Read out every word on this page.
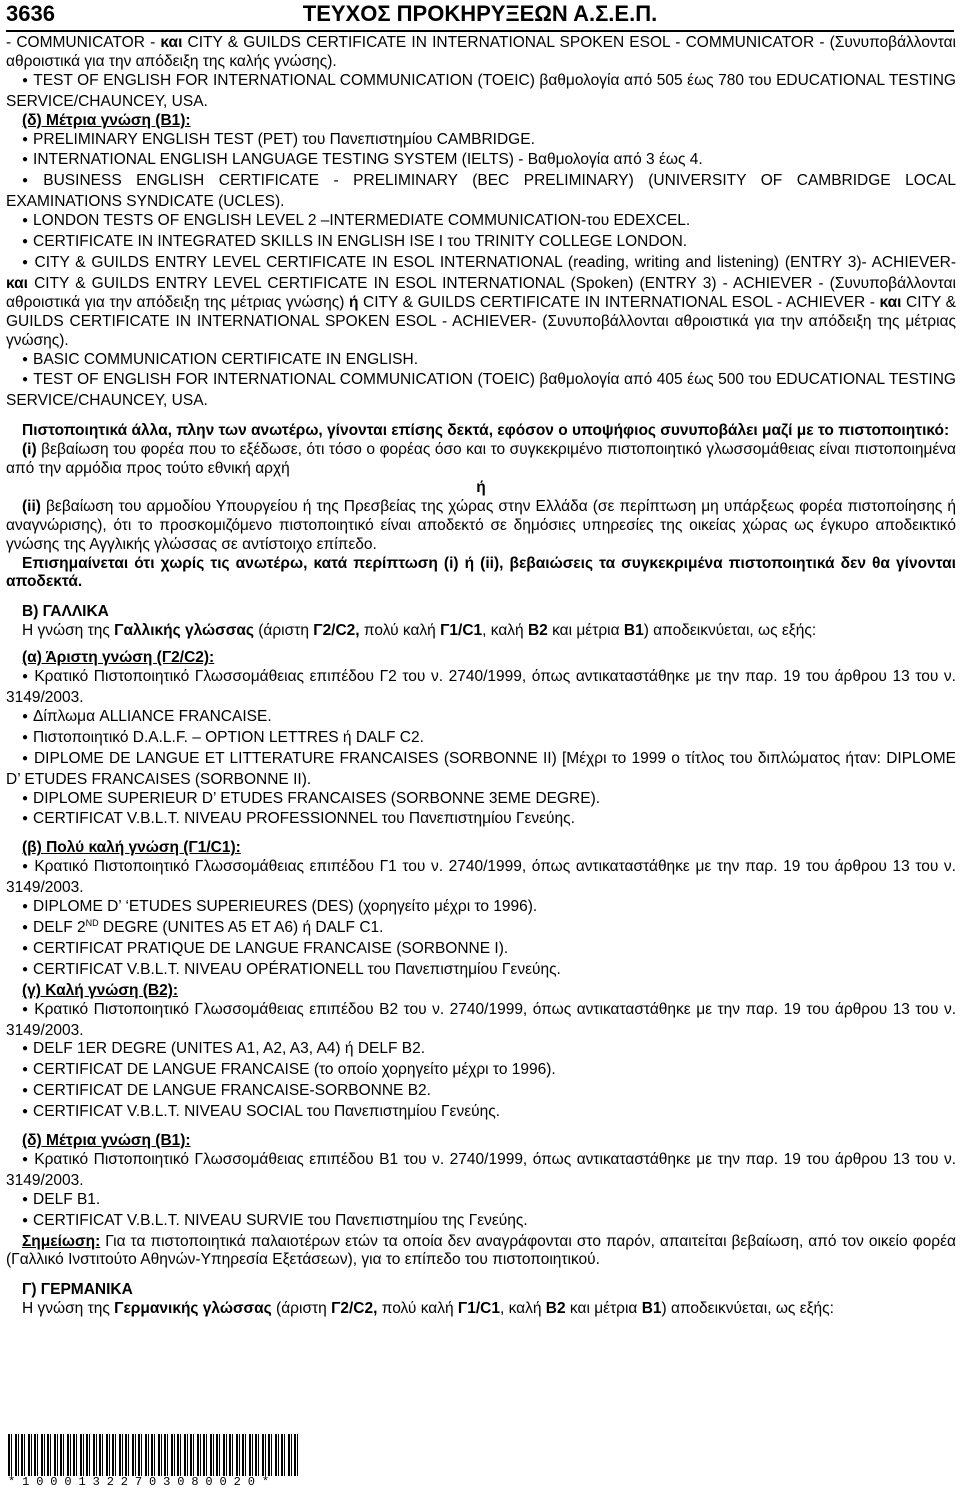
3636	ΤΕΥΧΟΣ ΠΡΟΚΗΡΥΞΕΩΝ Α.Σ.Ε.Π.

- COMMUNICATOR - και CITY & GUILDS CERTIFICATE IN INTERNATIONAL SPOKEN ESOL - COMMUNICATOR - (Συνυποβάλλονται αθροιστικά για την απόδειξη της καλής γνώσης).

● TEST OF ENGLISH FOR INTERNATIONAL COMMUNICATION (TOEIC) βαθμολογία από 505 έως 780 του EDUCATIONAL TESTING SERVICE/CHAUNCEY, USA.

(δ) Μέτρια γνώση (Β1):

● PRELIMINARY ENGLISH TEST (PET) του Πανεπιστημίου CAMBRIDGE.

● INTERNATIONAL ENGLISH LANGUAGE TESTING SYSTEM (IELTS) - Βαθμολογία από 3 έως 4.

● BUSINESS ENGLISH CERTIFICATE - PRELIMINARY (BEC PRELIMINARY) (UNIVERSITY OF CAMBRIDGE LOCAL EXAMINATIONS SYNDICATE (UCLES).

● LONDON TESTS OF ENGLISH LEVEL 2 –INTERMEDIATE COMMUNICATION-του EDEXCEL.

● CERTIFICATE IN INTEGRATED SKILLS IN ENGLISH ISE I του TRINITY COLLEGE LONDON.

● CITY & GUILDS ENTRY LEVEL CERTIFICATE IN ESOL INTERNATIONAL (reading, writing and listening) (ENTRY 3)- ACHIEVER- και CITY & GUILDS ENTRY LEVEL CERTIFICATE IN ESOL INTERNATIONAL (Spoken) (ENTRY 3) - ACHIEVER - (Συνυποβάλλονται αθροιστικά για την απόδειξη της μέτριας γνώσης) ή CITY & GUILDS CERTIFICATE IN INTERNATIONAL ESOL - ACHIEVER - και CITY & GUILDS CERTIFICATE IN INTERNATIONAL SPOKEN ESOL - ACHIEVER- (Συνυποβάλλονται αθροιστικά για την απόδειξη της μέτριας γνώσης).

● BASIC COMMUNICATION CERTIFICATE IN ENGLISH.

● TEST OF ENGLISH FOR INTERNATIONAL COMMUNICATION (TOEIC) βαθμολογία από 405 έως 500 του EDUCATIONAL TESTING SERVICE/CHAUNCEY, USA.

Πιστοποιητικά άλλα, πλην των ανωτέρω, γίνονται επίσης δεκτά, εφόσον ο υποψήφιος συνυποβάλει μαζί με το πιστοποιητικό:

(i) βεβαίωση του φορέα που το εξέδωσε, ότι τόσο ο φορέας όσο και το συγκεκριμένο πιστοποιητικό γλωσσομάθειας είναι πιστοποιημένα από την αρμόδια προς τούτο εθνική αρχή

ή

(ii) βεβαίωση του αρμοδίου Υπουργείου ή της Πρεσβείας της χώρας στην Ελλάδα (σε περίπτωση μη υπάρξεως φορέα πιστοποίησης ή αναγνώρισης), ότι το προσκομιζόμενο πιστοποιητικό είναι αποδεκτό σε δημόσιες υπηρεσίες της οικείας χώρας ως έγκυρο αποδεικτικό γνώσης της Αγγλικής γλώσσας σε αντίστοιχο επίπεδο.

Επισημαίνεται ότι χωρίς τις ανωτέρω, κατά περίπτωση (i) ή (ii), βεβαιώσεις τα συγκεκριμένα πιστοποιητικά δεν θα γίνονται αποδεκτά.

Β) ΓΑΛΛΙΚΑ

Η γνώση της Γαλλικής γλώσσας (άριστη Γ2/C2, πολύ καλή Γ1/C1, καλή Β2 και μέτρια Β1) αποδεικνύεται, ως εξής:

(α) Άριστη γνώση (Γ2/C2):

● Κρατικό Πιστοποιητικό Γλωσσομάθειας επιπέδου Γ2 του ν. 2740/1999, όπως αντικαταστάθηκε με την παρ. 19 του άρθρου 13 του ν. 3149/2003.

● Δίπλωμα ALLIANCE FRANCAISE.

● Πιστοποιητικό D.A.L.F. – OPTION LETTRES ή DALF C2.

● DIPLOME DE LANGUE ET LITTERATURE FRANCAISES (SORBONNE II) [Μέχρι το 1999 ο τίτλος του διπλώματος ήταν: DIPLOME D’ ETUDES FRANCAISES (SORBONNE II).

● DIPLOME SUPERIEUR D’ ETUDES FRANCAISES (SORBONNE 3EME DEGRE).

● CERTIFICAT V.B.L.T. NIVEAU PROFESSIONNEL του Πανεπιστημίου Γενεύης.

(β) Πολύ καλή γνώση (Γ1/C1):

● Κρατικό Πιστοποιητικό Γλωσσομάθειας επιπέδου Γ1 του ν. 2740/1999, όπως αντικαταστάθηκε με την παρ. 19 του άρθρου 13 του ν. 3149/2003.

● DIPLOME D’ ‘ETUDES SUPERIEURES (DES) (χορηγείτο μέχρι το 1996).

● DELF 2ND DEGRE (UNITES A5 ET A6) ή DALF C1.

● CERTIFICAT PRATIQUE DE LANGUE FRANCAISE (SORBONNE I).

● CERTIFICAT V.B.L.T. NIVEAU OPÉRATIONELL του Πανεπιστημίου Γενεύης.

(γ) Καλή γνώση (Β2):

● Κρατικό Πιστοποιητικό Γλωσσομάθειας επιπέδου Β2 του ν. 2740/1999, όπως αντικαταστάθηκε με την παρ. 19 του άρθρου 13 του ν. 3149/2003.

● DELF 1ER DEGRE (UNITES A1, A2, A3, A4) ή DELF B2.

● CERTIFICAT DE LANGUE FRANCAISE (το οποίο χορηγείτο μέχρι το 1996).

● CERTIFICAT DE LANGUE FRANCAISE-SORBONNE B2.

● CERTIFICAT V.B.L.T. NIVEAU SOCIAL του Πανεπιστημίου Γενεύης.

(δ) Μέτρια γνώση (Β1):

● Κρατικό Πιστοποιητικό Γλωσσομάθειας επιπέδου Β1 του ν. 2740/1999, όπως αντικαταστάθηκε με την παρ. 19 του άρθρου 13 του ν. 3149/2003.

● DELF B1.

● CERTIFICAT V.B.L.T. NIVEAU SURVIE του Πανεπιστημίου της Γενεύης.

Σημείωση: Για τα πιστοποιητικά παλαιοτέρων ετών τα οποία δεν αναγράφονται στο παρόν, απαιτείται βεβαίωση, από τον οικείο φορέα (Γαλλικό Ινστιτούτο Αθηνών-Υπηρεσία Εξετάσεων), για το επίπεδο του πιστοποιητικού.

Γ) ΓΕΡΜΑΝΙΚΑ

Η γνώση της Γερμανικής γλώσσας (άριστη Γ2/C2, πολύ καλή Γ1/C1, καλή Β2 και μέτρια Β1) αποδεικνύεται, ως εξής:

*10001322703080020*
